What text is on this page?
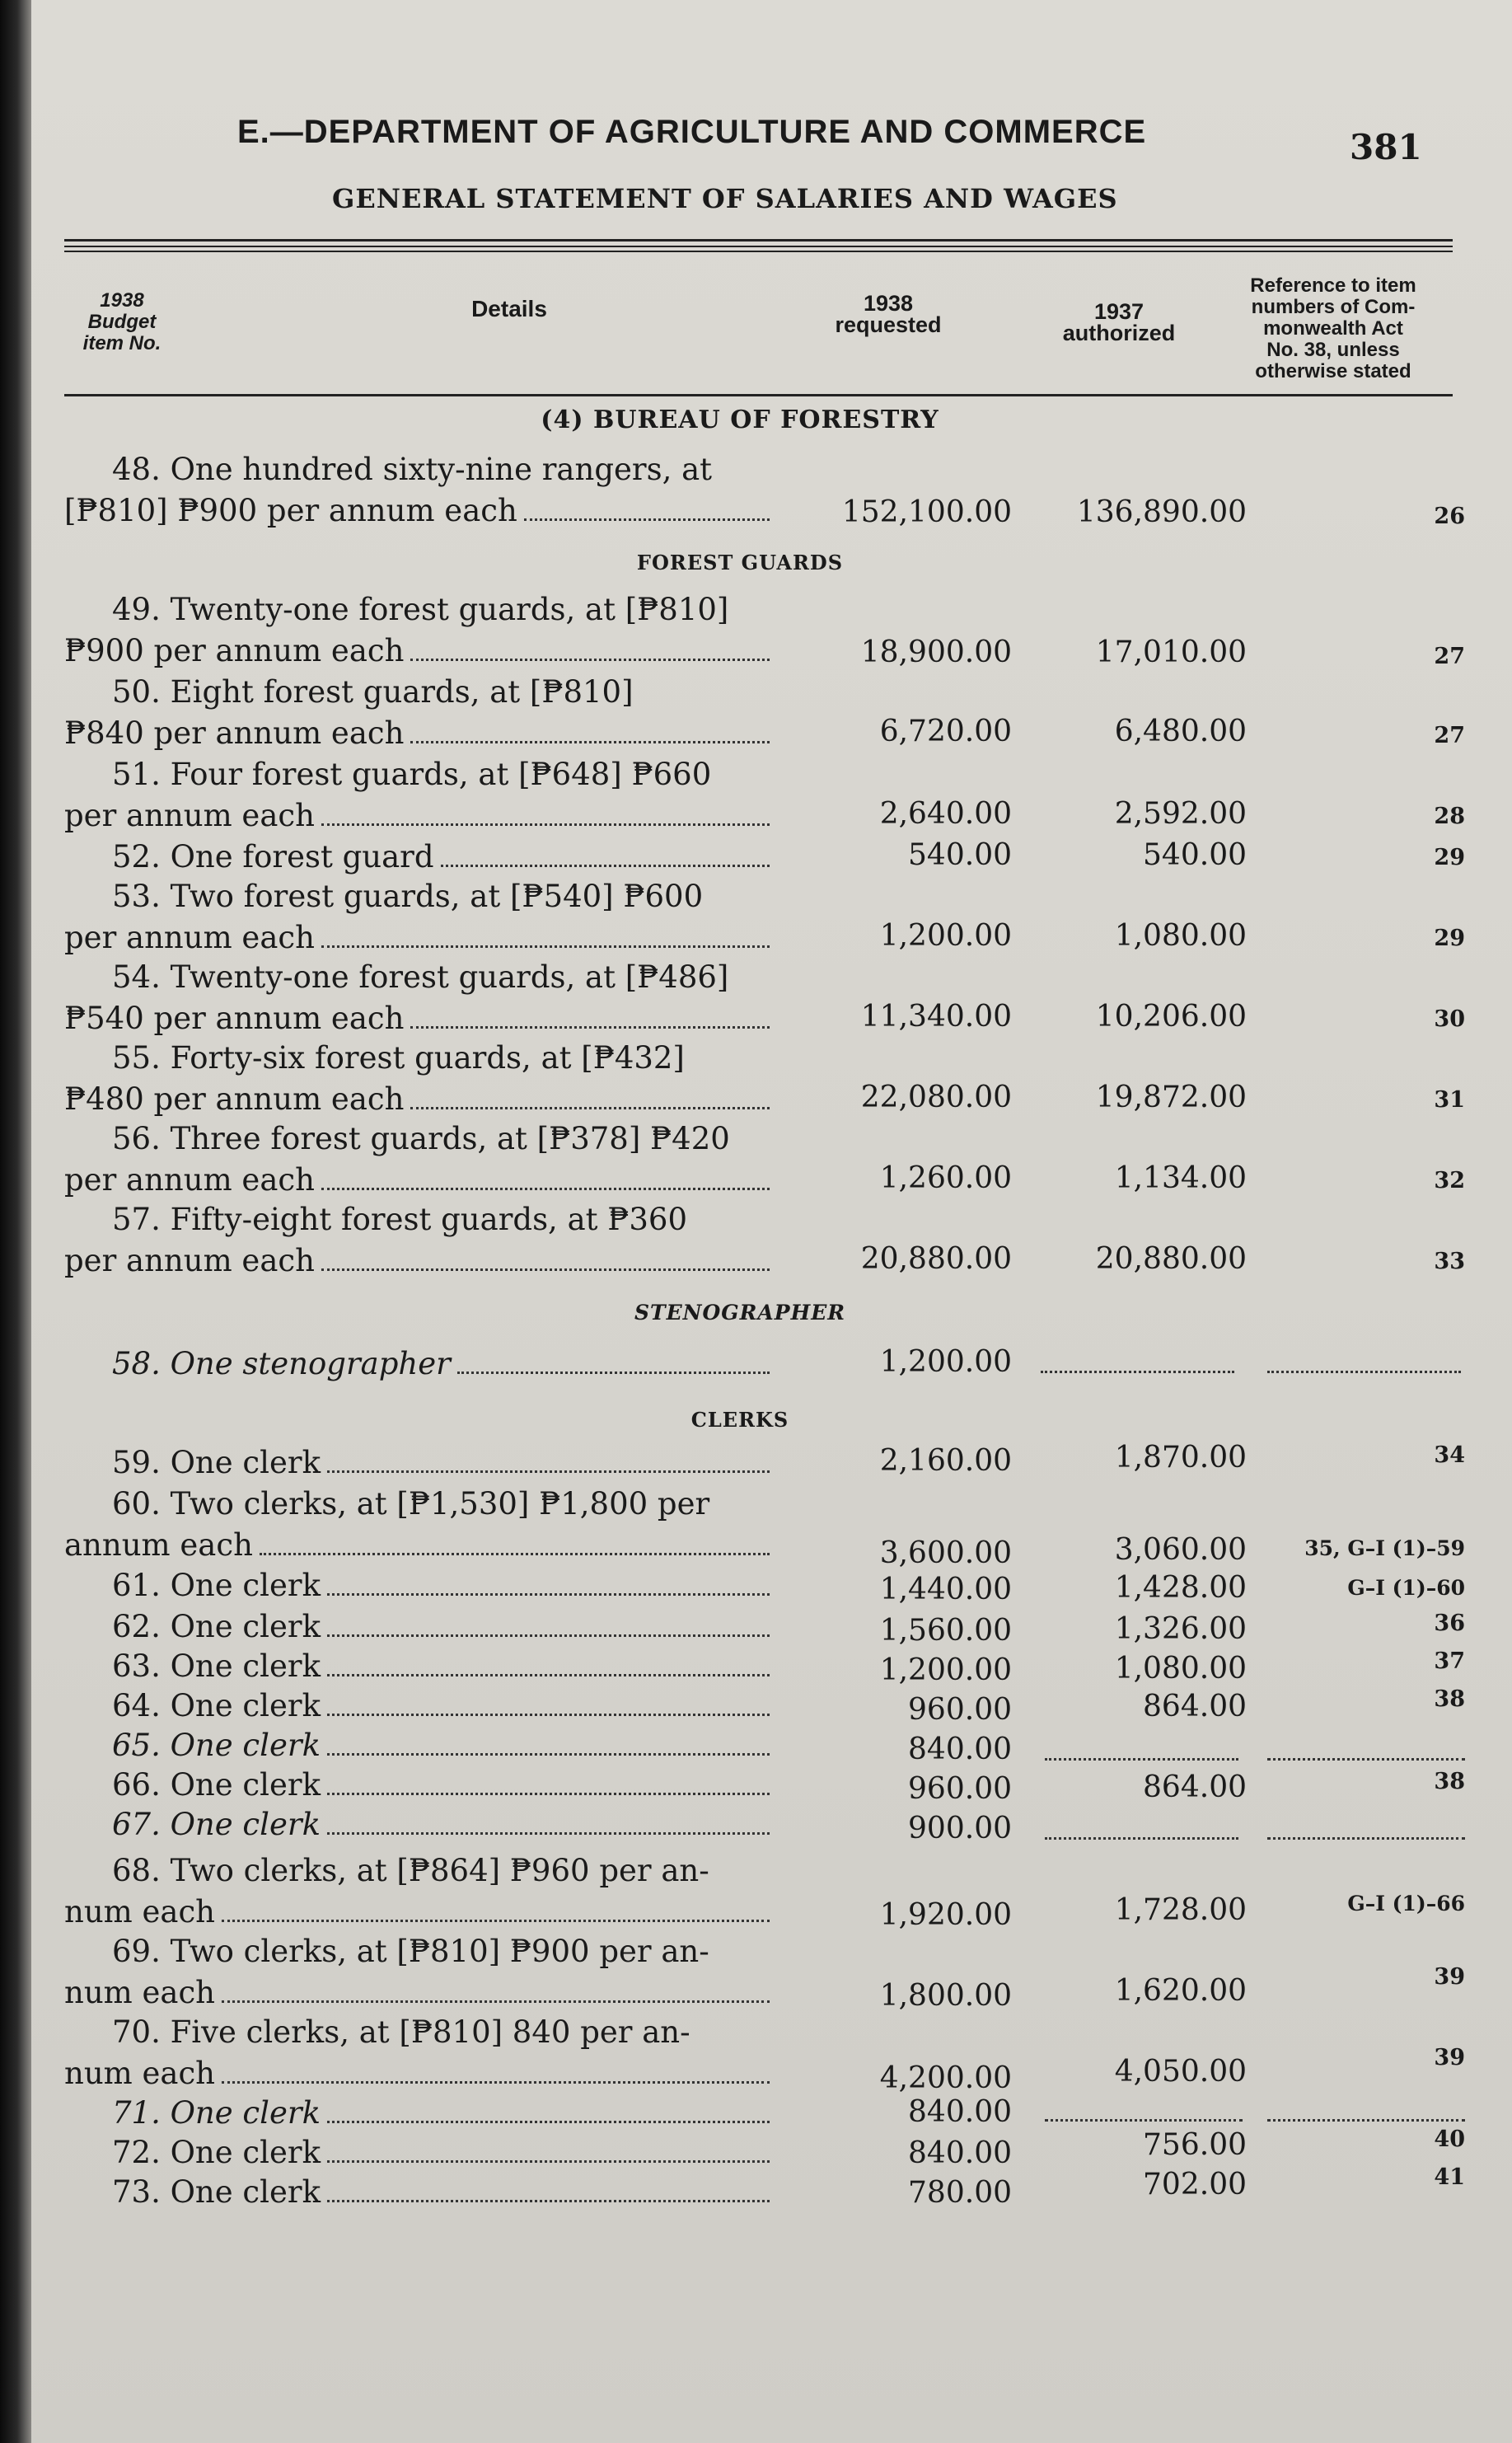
E.—DEPARTMENT OF AGRICULTURE AND COMMERCE	381
GENERAL STATEMENT OF SALARIES AND WAGES
1938
Budget
item No.
Details	1938
requested
1937
authorized
Reference to item
numbers of Com-
monwealth Act
No. 38, unless
otherwise stated
(4) BUREAU OF FORESTRY
48. One hundred sixty-nine rangers, at
[₱810] ₱900 per annum each	152,100.00	136,890.00	26
FOREST GUARDS
49. Twenty-one forest guards, at [₱810]
₱900 per annum each	18,900.00	17,010.00	27
50. Eight forest guards, at [₱810]
₱840 per annum each	6,720.00	6,480.00	27
51. Four forest guards, at [₱648] ₱660
per annum each	2,640.00	2,592.00	28
52. One forest guard	540.00	540.00	29
53. Two forest guards, at [₱540] ₱600
per annum each	1,200.00	1,080.00	29
54. Twenty-one forest guards, at [₱486]
₱540 per annum each	11,340.00	10,206.00	30
55. Forty-six forest guards, at [₱432]
₱480 per annum each	22,080.00	19,872.00	31
56. Three forest guards, at [₱378] ₱420
per annum each	1,260.00	1,134.00	32
57. Fifty-eight forest guards, at ₱360
per annum each	20,880.00	20,880.00	33
STENOGRAPHER
58. One stenographer	1,200.00
CLERKS
59. One clerk	2,160.00	1,870.00	34
60. Two clerks, at [₱1,530] ₱1,800 per
annum each	3,600.00	3,060.00	35, G–I (1)–59
61. One clerk	1,440.00	1,428.00	G–I (1)–60
62. One clerk	1,560.00	1,326.00	36
63. One clerk	1,200.00	1,080.00	37
64. One clerk	960.00	864.00	38
65. One clerk	840.00
66. One clerk	960.00	864.00	38
67. One clerk	900.00
68. Two clerks, at [₱864] ₱960 per an-
num each	1,920.00	1,728.00	G–I (1)–66
69. Two clerks, at [₱810] ₱900 per an-
num each	1,800.00	1,620.00	39
70. Five clerks, at [₱810] 840 per an-
num each	4,200.00	4,050.00	39
71. One clerk	840.00
72. One clerk	840.00	756.00	40
73. One clerk	780.00	702.00	41
